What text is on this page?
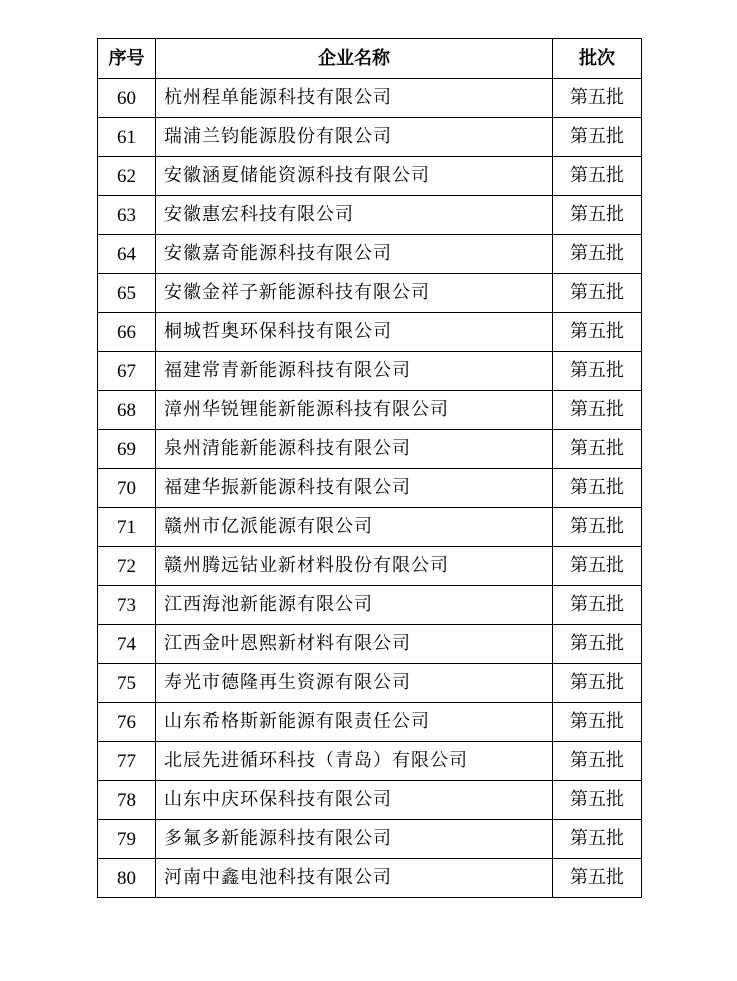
序号	企业名称	批次
60	杭州程单能源科技有限公司	第五批
61	瑞浦兰钧能源股份有限公司	第五批
62	安徽涵夏储能资源科技有限公司	第五批
63	安徽惠宏科技有限公司	第五批
64	安徽嘉奇能源科技有限公司	第五批
65	安徽金祥子新能源科技有限公司	第五批
66	桐城哲奥环保科技有限公司	第五批
67	福建常青新能源科技有限公司	第五批
68	漳州华锐锂能新能源科技有限公司	第五批
69	泉州清能新能源科技有限公司	第五批
70	福建华振新能源科技有限公司	第五批
71	赣州市亿派能源有限公司	第五批
72	赣州腾远钴业新材料股份有限公司	第五批
73	江西海池新能源有限公司	第五批
74	江西金叶恩熙新材料有限公司	第五批
75	寿光市德隆再生资源有限公司	第五批
76	山东希格斯新能源有限责任公司	第五批
77	北辰先进循环科技（青岛）有限公司	第五批
78	山东中庆环保科技有限公司	第五批
79	多氟多新能源科技有限公司	第五批
80	河南中鑫电池科技有限公司	第五批
